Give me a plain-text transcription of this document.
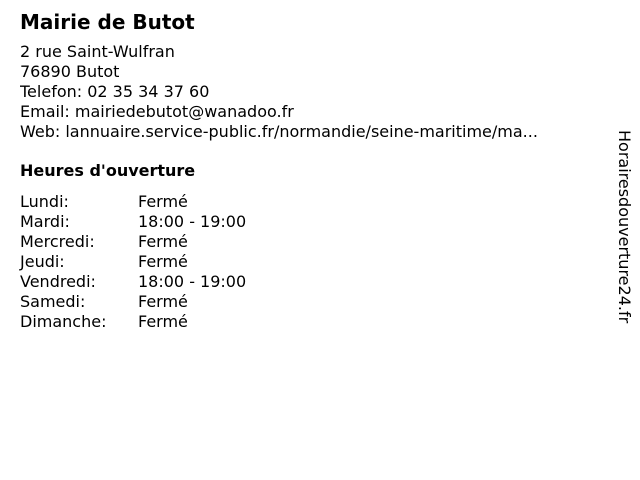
Mairie de Butot
2 rue Saint-Wulfran
76890 Butot
Telefon: 02 35 34 37 60
Email: mairiedebutot@wanadoo.fr
Web: lannuaire.service-public.fr/normandie/seine-maritime/ma...
Heures d'ouverture
Lundi:	Fermé
Mardi:	18:00 - 19:00
Mercredi:	Fermé
Jeudi:	Fermé
Vendredi:	18:00 - 19:00
Samedi:	Fermé
Dimanche:	Fermé	Horairesdouverture24.fr
